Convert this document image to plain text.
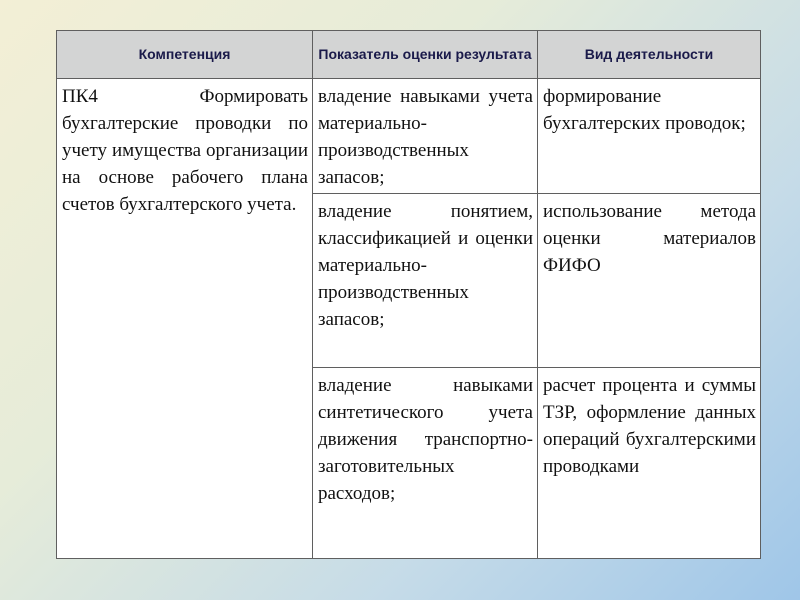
Компетенция	Показатель оценки результата	Вид деятельности
ПК4 Формировать бухгалтерские проводки по учету имущества организации на основе рабочего плана счетов бухгалтерского учета.	владение навыками учета материально-производственных запасов;	формирование бухгалтерских проводок;
	владение понятием, классификацией и оценки материально-производственных запасов;	использование метода оценки материалов ФИФО
	владение навыками синтетического учета движения транспортно-заготовительных расходов;	расчет процента и суммы ТЗР, оформление данных операций бухгалтерскими проводками
